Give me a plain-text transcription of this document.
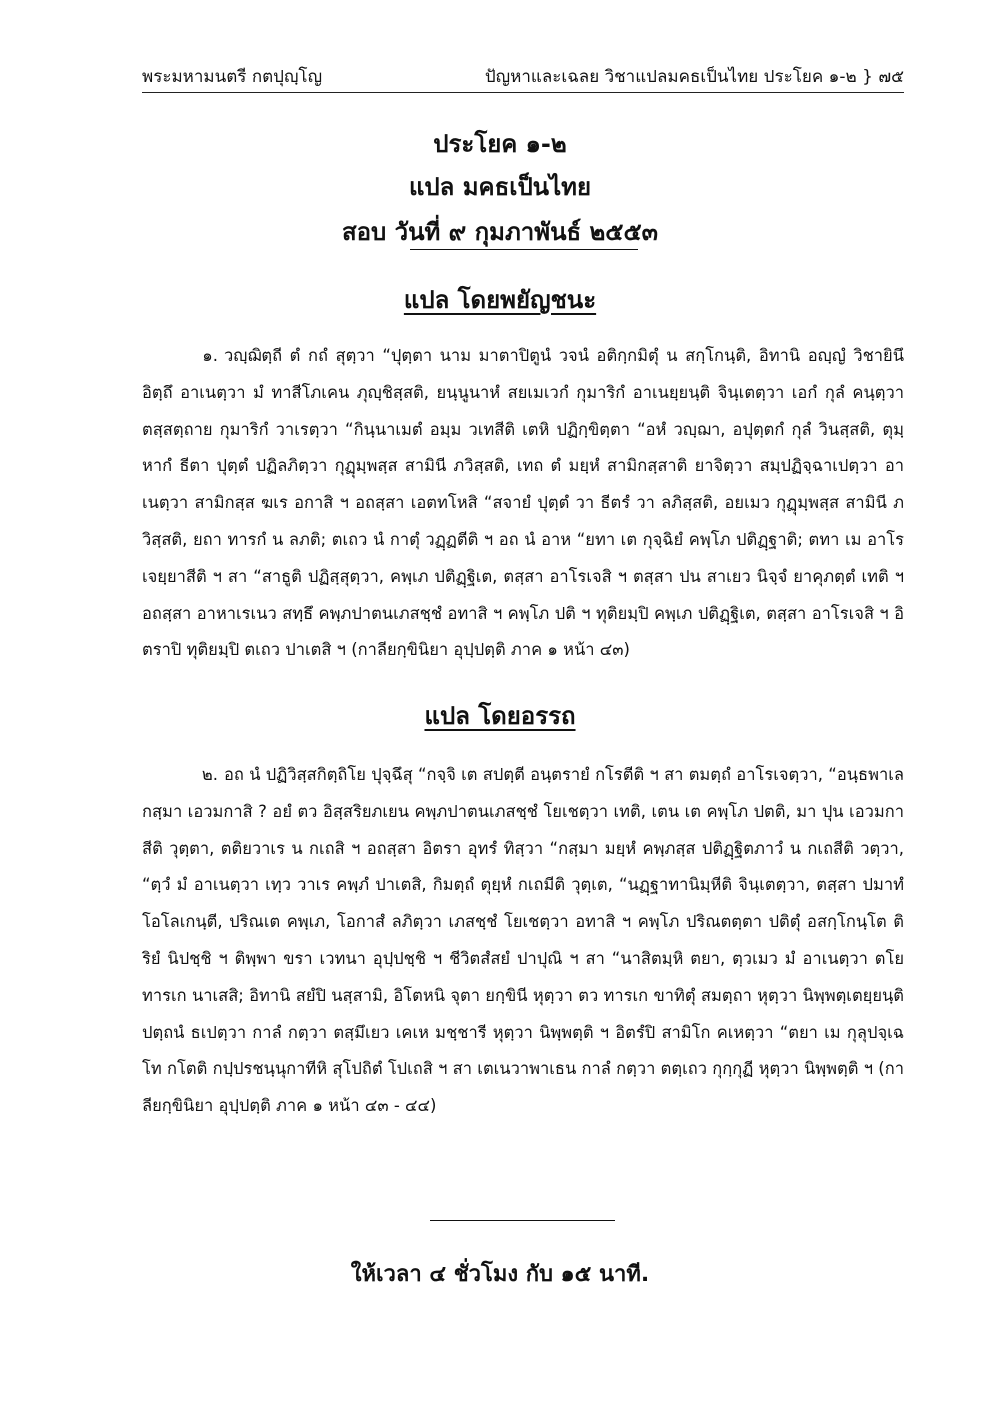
พระมหามนตรี กตปุญฺโญ	ปัญหาและเฉลย วิชาแปลมคธเป็นไทย ประโยค ๑-๒ } ๗๕
ประโยค ๑-๒
แปล มคธเป็นไทย
สอบ วันที่ ๙ กุมภาพันธ์ ๒๕๕๓
แปล โดยพยัญชนะ

๑. วญฺฌิตฺถี ตํ กถํ สุตฺวา “ปุตฺตา นาม มาตาปิตูนํ วจนํ อติกฺกมิตุํ น สกฺโกนฺติ, อิทานิ อญฺญํ วิชายินึ อิตฺถึ อาเนตฺวา มํ ทาสีโภเคน ภุญฺชิสฺสติ, ยนฺนูนาหํ สยเมเวกํ กุมาริกํ อาเนยฺยนฺติ จินฺเตตฺวา เอกํ กุลํ คนฺตฺวา ตสฺสตฺถาย กุมาริกํ วาเรตฺวา “กินฺนาเมตํ อมฺม วเทสีติ เตหิ ปฏิกฺขิตฺตา “อหํ วญฺฌา, อปุตฺตกํ กุลํ วินสฺสติ, ตุมฺหากํ ธีตา ปุตฺตํ ปฏิลภิตฺวา กุฏุมฺพสฺส สามินี ภวิสฺสติ, เทถ ตํ มยฺหํ สามิกสฺสาติ ยาจิตฺวา สมฺปฏิจฺฉาเปตฺวา อาเนตฺวา สามิกสฺส ฆเร อกาสิ ฯ อถสฺสา เอตทโหสิ “สจายํ ปุตฺตํ วา ธีตรํ วา ลภิสฺสติ, อยเมว กุฏุมฺพสฺส สามินี ภวิสฺสติ, ยถา ทารกํ น ลภติ; ตเถว นํ กาตุํ วฏฺฏตีติ ฯ อถ นํ อาห “ยทา เต กุจฺฉิยํ คพฺโภ ปติฏฺฐาติ; ตทา เม อาโรเจยฺยาสีติ ฯ สา “สาธูติ ปฏิสฺสุตฺวา, คพฺเภ ปติฏฺฐิเต, ตสฺสา อาโรเจสิ ฯ ตสฺสา ปน สาเยว นิจฺจํ ยาคุภตฺตํ เทติ ฯ อถสฺสา อาหาเรเนว สทฺธึ คพฺภปาตนเภสชฺชํ อทาสิ ฯ คพฺโภ ปติ ฯ ทุติยมฺปิ คพฺเภ ปติฏฺฐิเต, ตสฺสา อาโรเจสิ ฯ อิตราปิ ทุติยมฺปิ ตเถว ปาเตสิ ฯ (กาลียกฺขินิยา อุปฺปตฺติ ภาค ๑ หน้า ๔๓)

แปล โดยอรรถ

๒. อถ นํ ปฏิวิสฺสกิตฺถิโย ปุจฺฉึสุ “กจฺจิ เต สปตฺตี อนฺตรายํ กโรตีติ ฯ สา ตมตฺถํ อาโรเจตฺวา, “อนฺธพาเล กสฺมา เอวมกาสิ ? อยํ ตว อิสฺสริยภเยน คพฺภปาตนเภสชฺชํ โยเชตฺวา เทติ, เตน เต คพฺโภ ปตติ, มา ปุน เอวมกาสีติ วุตฺตา, ตติยวาเร น กเถสิ ฯ อถสฺสา อิตรา อุทรํ ทิสฺวา “กสฺมา มยฺหํ คพฺภสฺส ปติฏฺฐิตภาวํ น กเถสีติ วตฺวา, “ตฺวํ มํ อาเนตฺวา เทฺว วาเร คพฺภํ ปาเตสิ, กิมตฺถํ ตุยฺหํ กเถมีติ วุตฺเต, “นฏฺฐาทานิมฺหีติ จินฺเตตฺวา, ตสฺสา ปมาทํ โอโลเกนฺตี, ปริณเต คพฺเภ, โอกาสํ ลภิตฺวา เภสชฺชํ โยเชตฺวา อทาสิ ฯ คพฺโภ ปริณตตฺตา ปติตุํ อสกฺโกนฺโต ติริยํ นิปชฺชิ ฯ ติพฺพา ขรา เวทนา อุปฺปชฺชิ ฯ ชีวิตสํสยํ ปาปุณิ ฯ สา “นาสิตมฺหิ ตยา, ตฺวเมว มํ อาเนตฺวา ตโย ทารเก นาเสสิ; อิทานิ สยํปิ นสฺสามิ, อิโตหนิ จุตา ยกฺขินี หุตฺวา ตว ทารเก ขาทิตุํ สมตฺถา หุตฺวา นิพฺพตฺเตยฺยนฺติ ปตฺถนํ ธเปตฺวา กาลํ กตฺวา ตสฺมึเยว เคเห มชฺชารี หุตฺวา นิพฺพตฺติ ฯ อิตรํปิ สามิโก คเหตฺวา “ตยา เม กุลุปจฺเฉโท กโตติ กปฺปรชนฺนุกาทีหิ สุโปถิตํ โปเถสิ ฯ สา เตเนวาพาเธน กาลํ กตฺวา ตตฺเถว กุกฺกุฏี หุตฺวา นิพฺพตฺติ ฯ (กาลียกฺขินิยา อุปฺปตฺติ ภาค ๑ หน้า ๔๓ - ๔๔)

ให้เวลา ๔ ชั่วโมง กับ ๑๕ นาที.
